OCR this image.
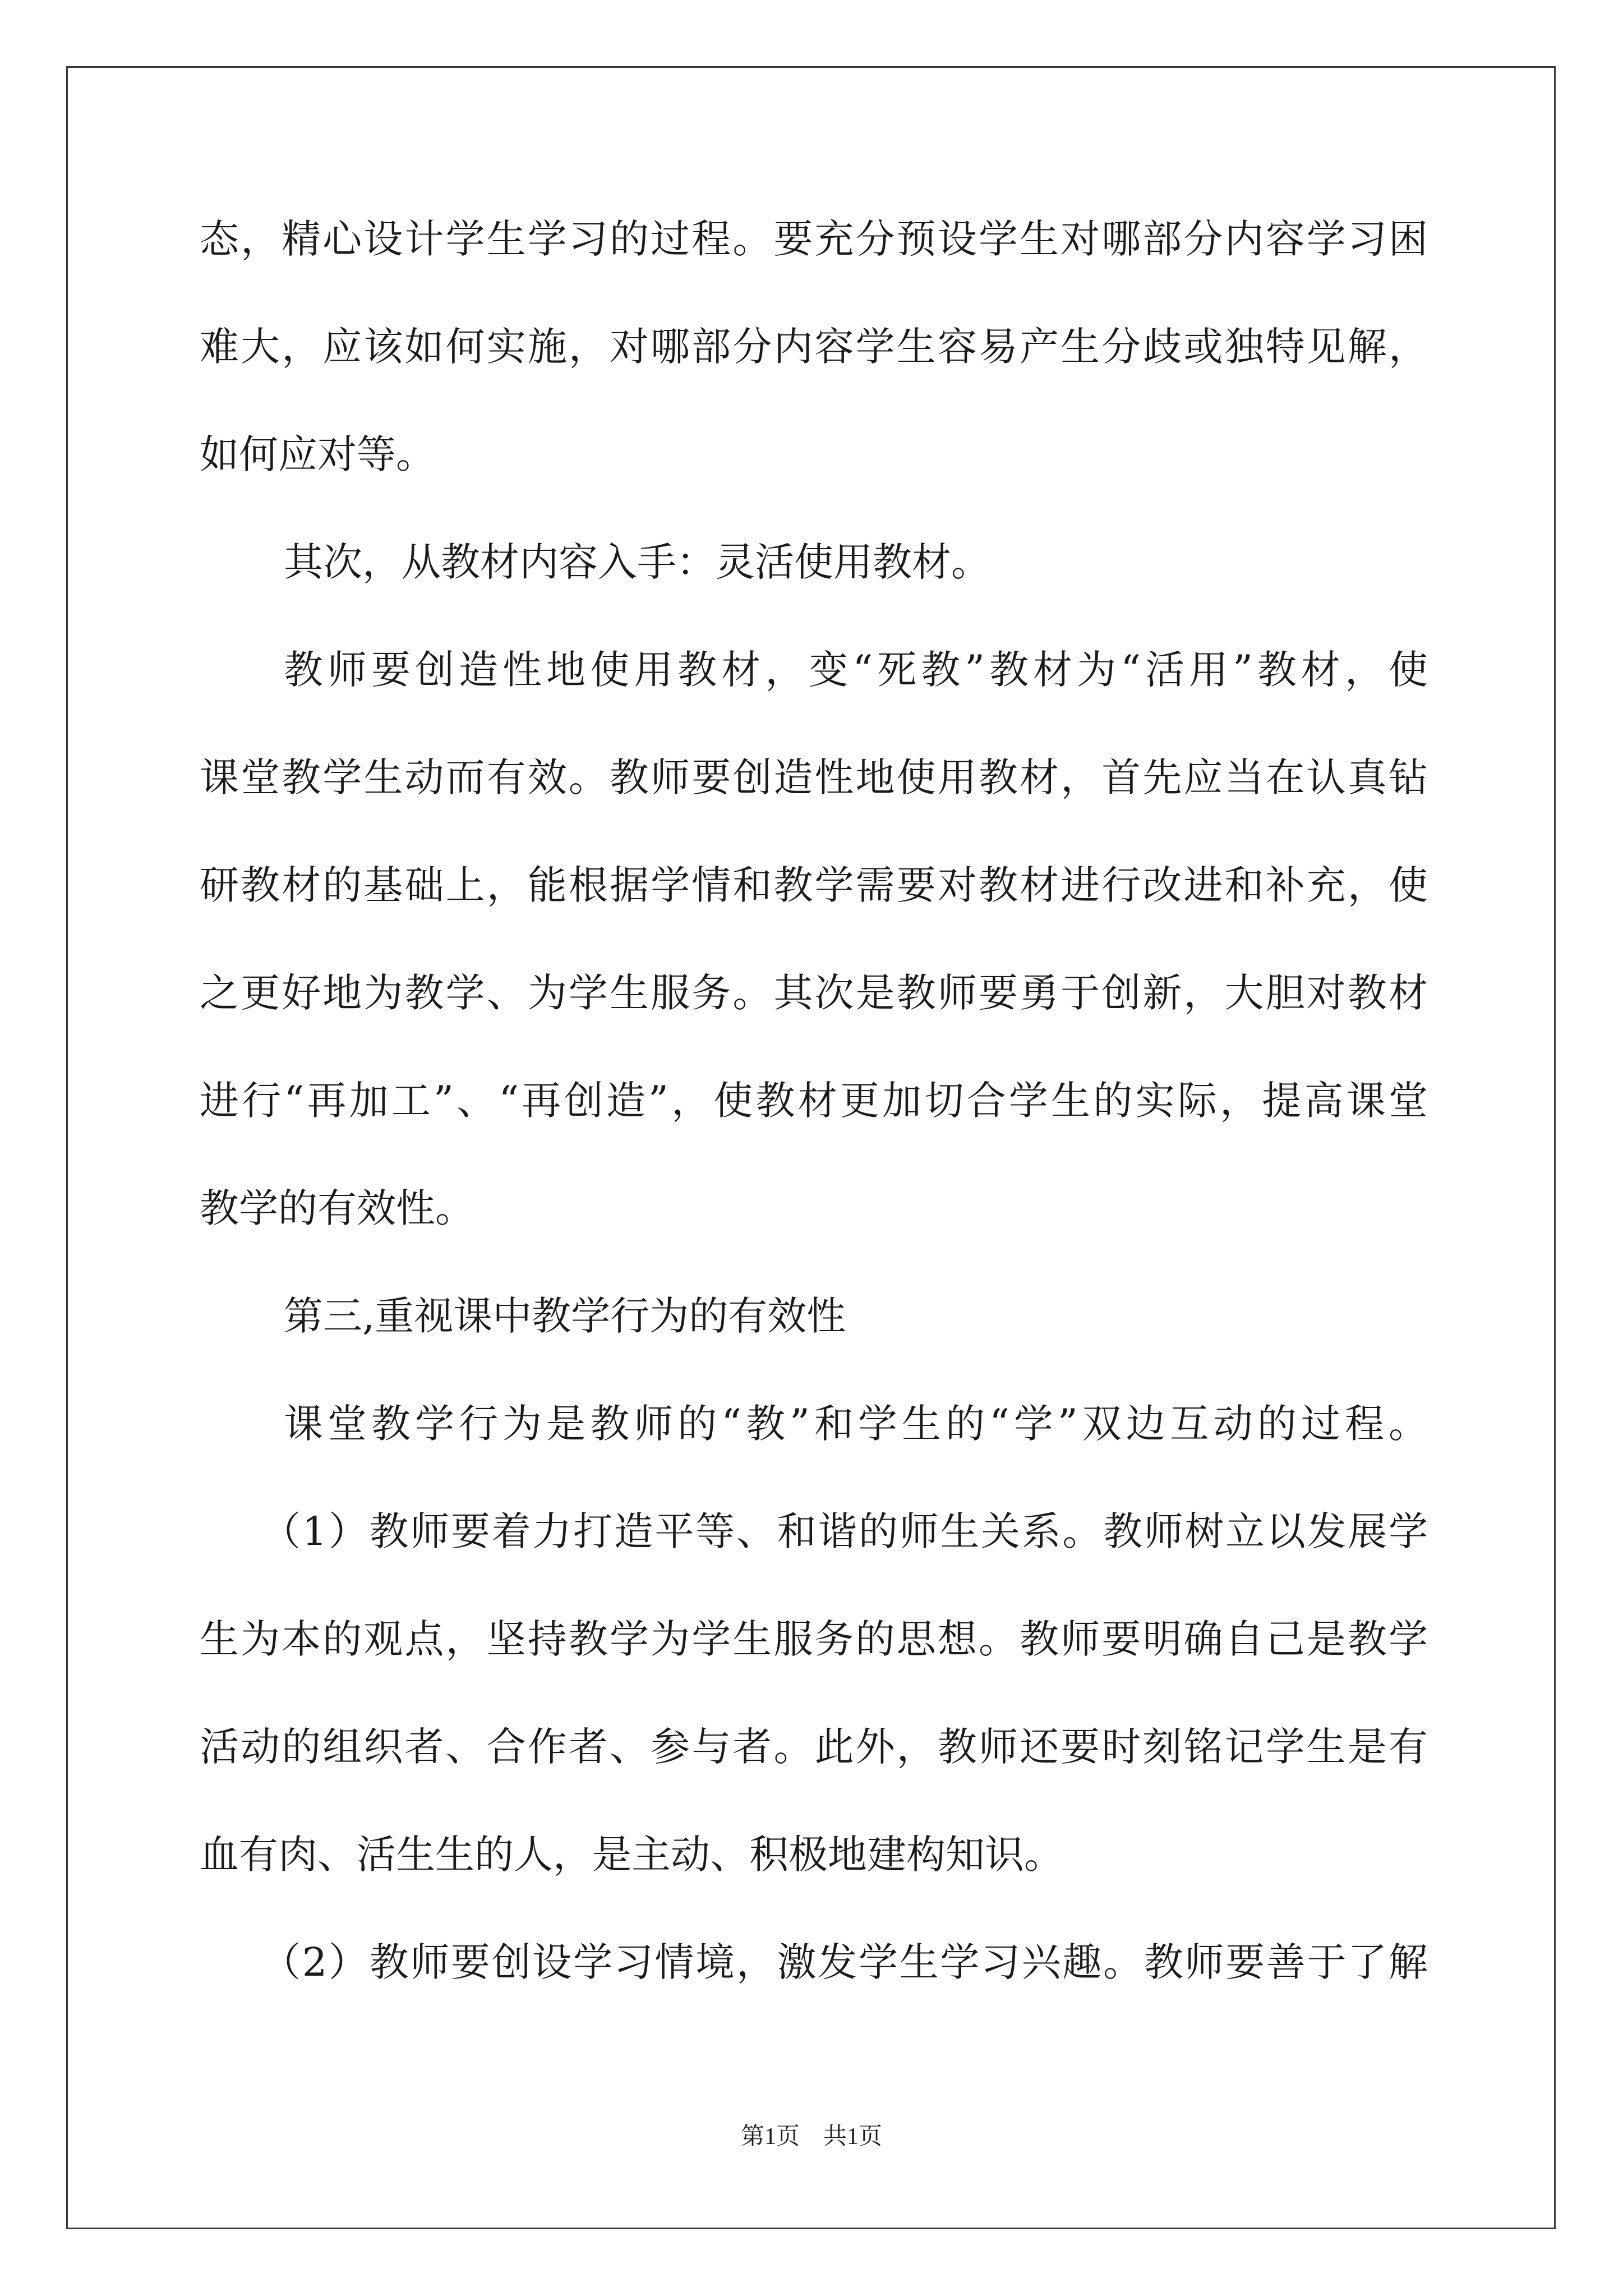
态，精心设计学生学习的过程。要充分预设学生对哪部分内容学习困
难大，应该如何实施，对哪部分内容学生容易产生分歧或独特见解，
如何应对等。
其次，从教材内容入手：灵活使用教材。
教师要创造性地使用教材，变“死教”教材为“活用”教材，使
课堂教学生动而有效。教师要创造性地使用教材，首先应当在认真钻
研教材的基础上，能根据学情和教学需要对教材进行改进和补充，使
之更好地为教学、为学生服务。其次是教师要勇于创新，大胆对教材
进行“再加工”、“再创造”，使教材更加切合学生的实际，提高课堂
教学的有效性。
第三,重视课中教学行为的有效性
课堂教学行为是教师的“教”和学生的“学”双边互动的过程。
（1）教师要着力打造平等、和谐的师生关系。教师树立以发展学
生为本的观点，坚持教学为学生服务的思想。教师要明确自己是教学
活动的组织者、合作者、参与者。此外，教师还要时刻铭记学生是有
血有肉、活生生的人，是主动、积极地建构知识。
（2）教师要创设学习情境，激发学生学习兴趣。教师要善于了解
第1页　共1页
